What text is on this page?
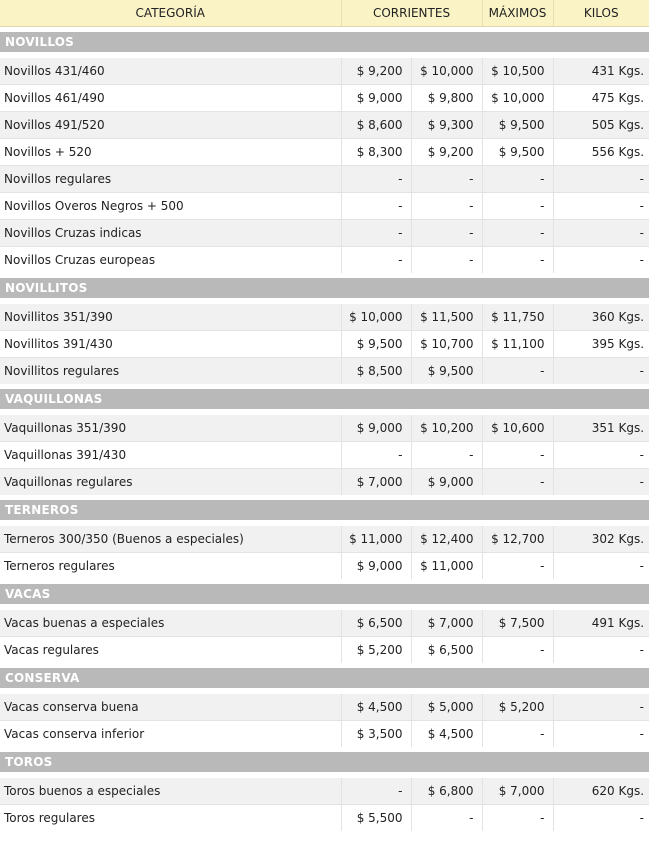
CATEGORÍA	CORRIENTES		MÁXIMOS	KILOS

NOVILLOS				

Novillos 431/460	$ 9,200	$ 10,000	$ 10,500	431 Kgs.
Novillos 461/490	$ 9,000	$ 9,800	$ 10,000	475 Kgs.
Novillos 491/520	$ 8,600	$ 9,300	$ 9,500	505 Kgs.
Novillos + 520	$ 8,300	$ 9,200	$ 9,500	556 Kgs.
Novillos regulares	-	-	-	-
Novillos Overos Negros + 500	-	-	-	-
Novillos Cruzas indicas	-	-	-	-
Novillos Cruzas europeas	-	-	-	-

NOVILLITOS				

Novillitos 351/390	$ 10,000	$ 11,500	$ 11,750	360 Kgs.
Novillitos 391/430	$ 9,500	$ 10,700	$ 11,100	395 Kgs.
Novillitos regulares	$ 8,500	$ 9,500	-	-

VAQUILLONAS				

Vaquillonas 351/390	$ 9,000	$ 10,200	$ 10,600	351 Kgs.
Vaquillonas 391/430	-	-	-	-
Vaquillonas regulares	$ 7,000	$ 9,000	-	-

TERNEROS				

Terneros 300/350 (Buenos a especiales)	$ 11,000	$ 12,400	$ 12,700	302 Kgs.
Terneros regulares	$ 9,000	$ 11,000	-	-

VACAS				

Vacas buenas a especiales	$ 6,500	$ 7,000	$ 7,500	491 Kgs.
Vacas regulares	$ 5,200	$ 6,500	-	-

CONSERVA				

Vacas conserva buena	$ 4,500	$ 5,000	$ 5,200	-
Vacas conserva inferior	$ 3,500	$ 4,500	-	-

TOROS				

Toros buenos a especiales	-	$ 6,800	$ 7,000	620 Kgs.
Toros regulares	$ 5,500	-	-	-
